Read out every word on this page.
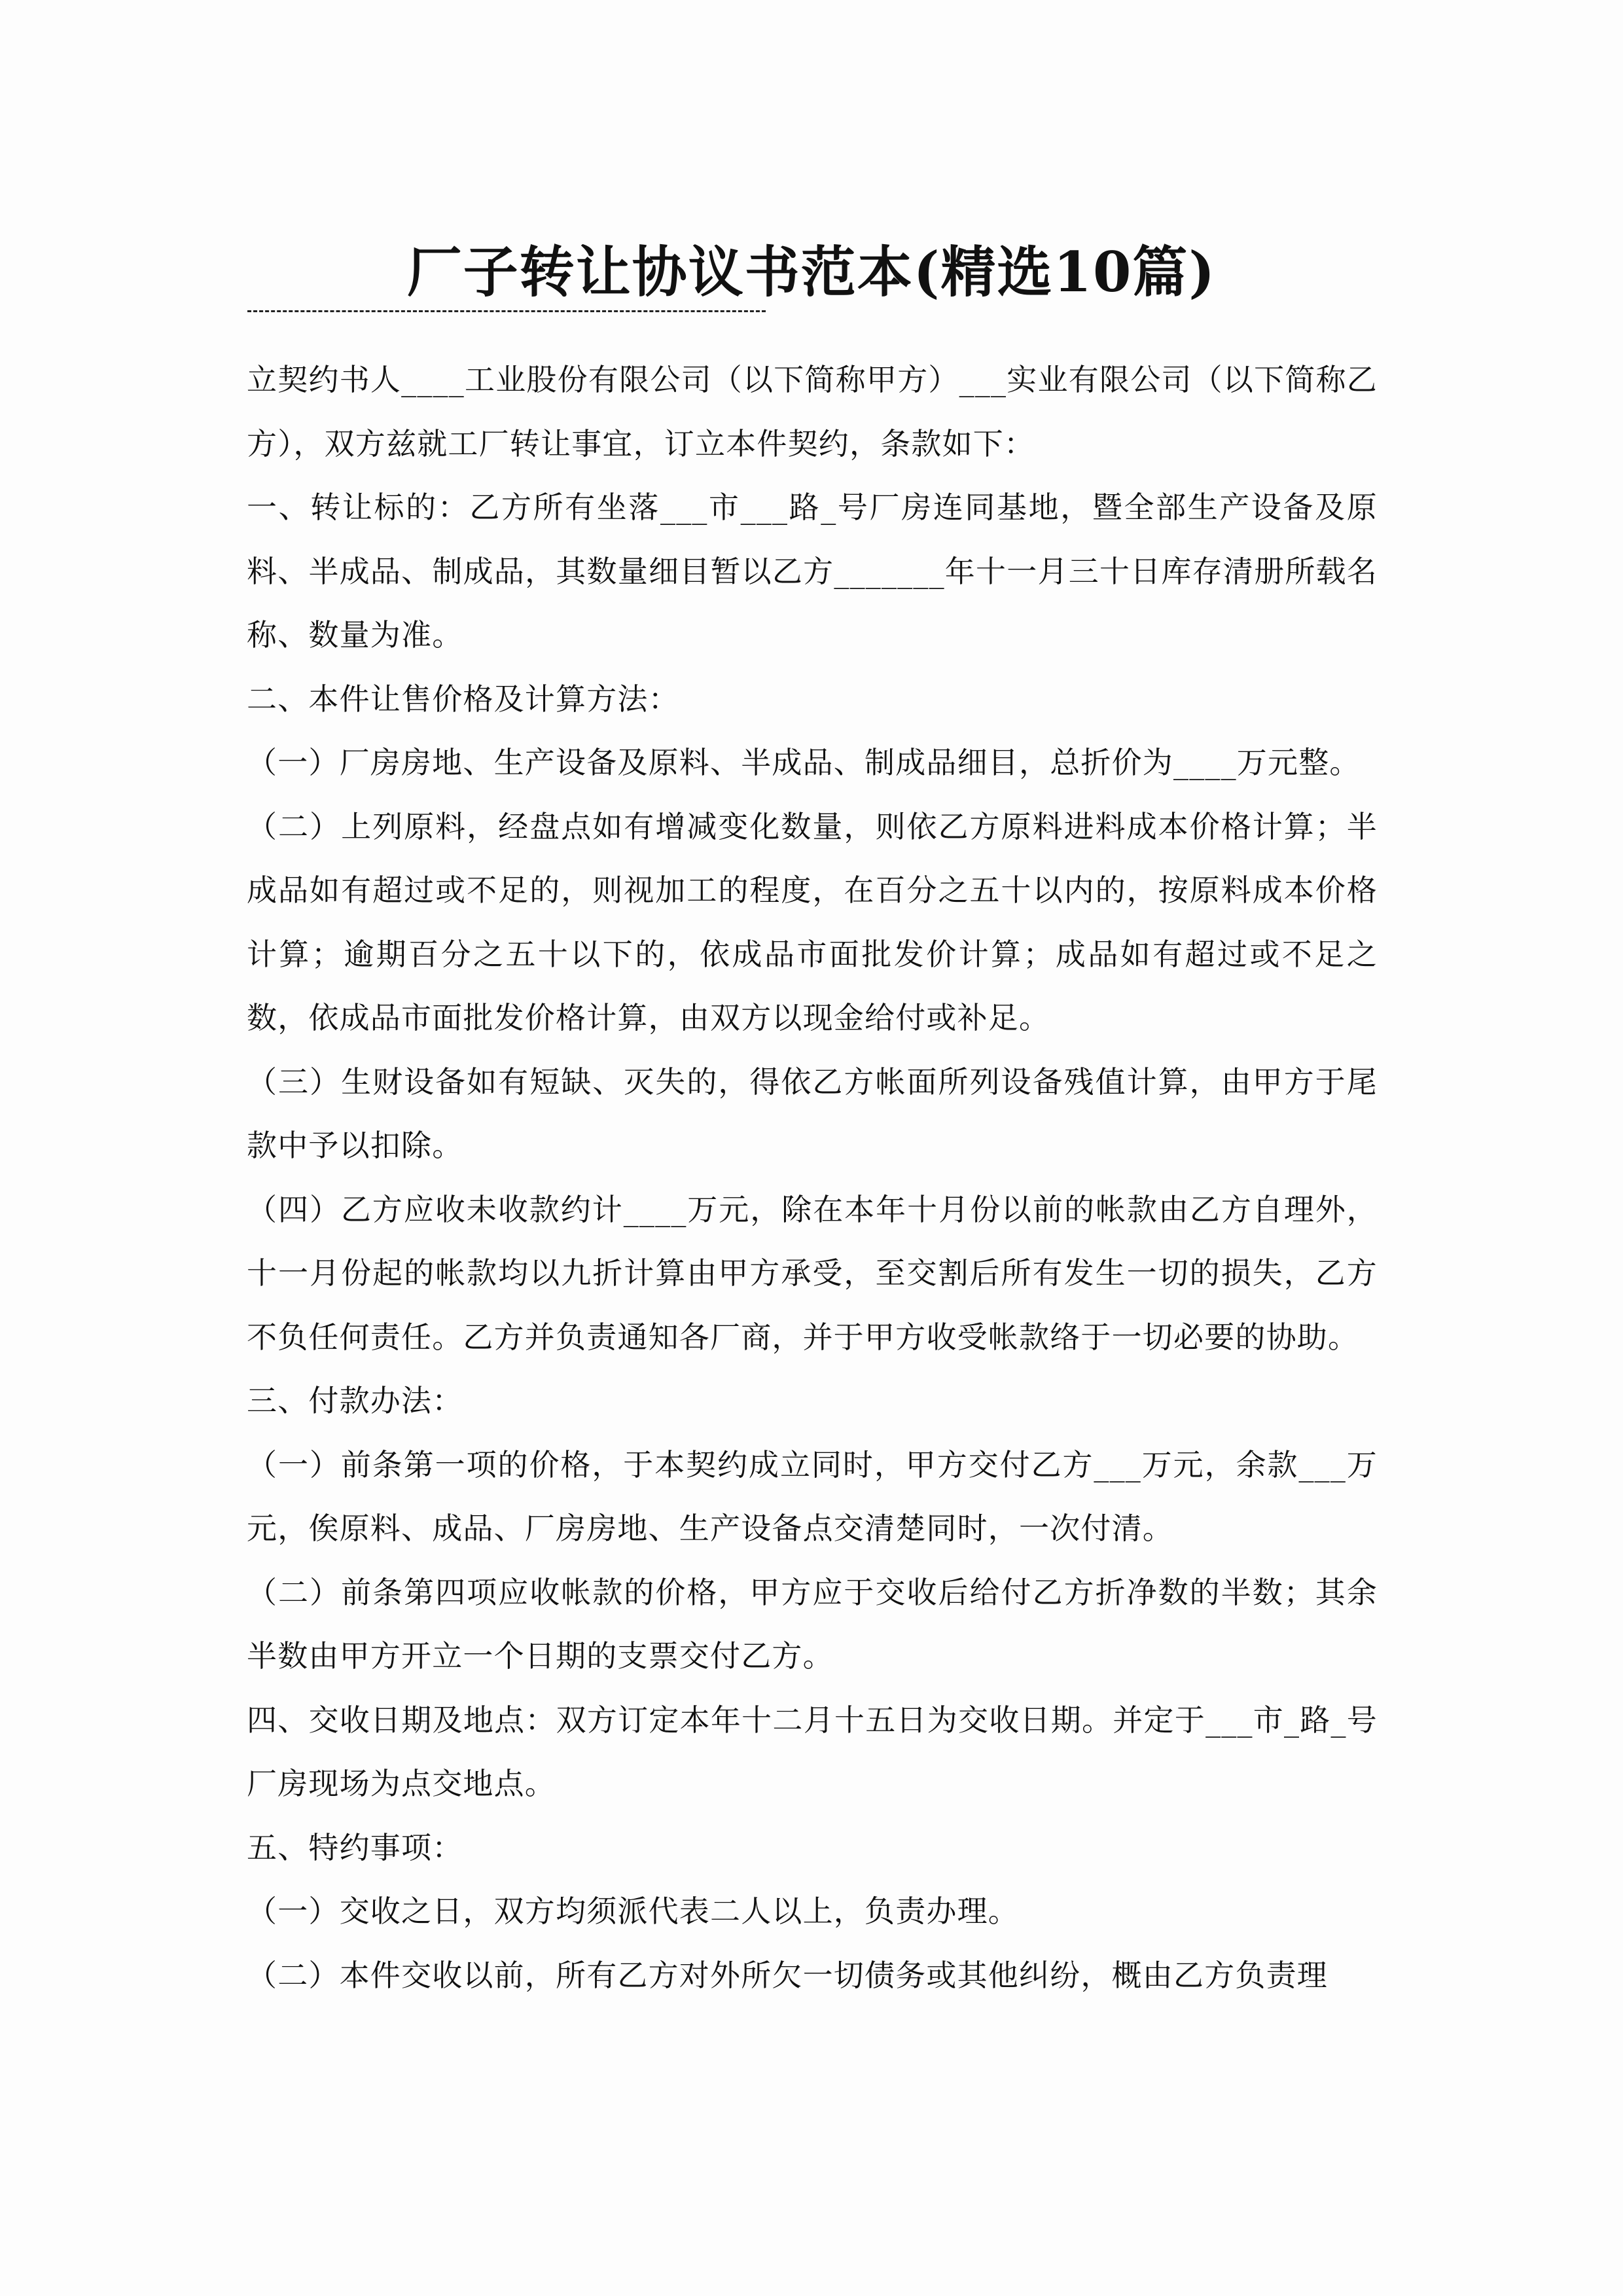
厂子转让协议书范本(精选10篇)

立契约书人____工业股份有限公司（以下简称甲方）___实业有限公司（以下简称乙方），双方兹就工厂转让事宜，订立本件契约，条款如下：

一、转让标的：乙方所有坐落___市___路_号厂房连同基地，暨全部生产设备及原料、半成品、制成品，其数量细目暂以乙方_______年十一月三十日库存清册所载名称、数量为准。

二、本件让售价格及计算方法：

（一）厂房房地、生产设备及原料、半成品、制成品细目，总折价为____万元整。

（二）上列原料，经盘点如有增减变化数量，则依乙方原料进料成本价格计算；半成品如有超过或不足的，则视加工的程度，在百分之五十以内的，按原料成本价格计算；逾期百分之五十以下的，依成品市面批发价计算；成品如有超过或不足之数，依成品市面批发价格计算，由双方以现金给付或补足。

（三）生财设备如有短缺、灭失的，得依乙方帐面所列设备残值计算，由甲方于尾款中予以扣除。

（四）乙方应收未收款约计____万元，除在本年十月份以前的帐款由乙方自理外，十一月份起的帐款均以九折计算由甲方承受，至交割后所有发生一切的损失，乙方不负任何责任。乙方并负责通知各厂商，并于甲方收受帐款络于一切必要的协助。

三、付款办法：

（一）前条第一项的价格，于本契约成立同时，甲方交付乙方___万元，余款___万元，俟原料、成品、厂房房地、生产设备点交清楚同时，一次付清。

（二）前条第四项应收帐款的价格，甲方应于交收后给付乙方折净数的半数；其余半数由甲方开立一个日期的支票交付乙方。

四、交收日期及地点：双方订定本年十二月十五日为交收日期。并定于___市_路_号厂房现场为点交地点。

五、特约事项：

（一）交收之日，双方均须派代表二人以上，负责办理。

（二）本件交收以前，所有乙方对外所欠一切债务或其他纠纷，概由乙方负责理
